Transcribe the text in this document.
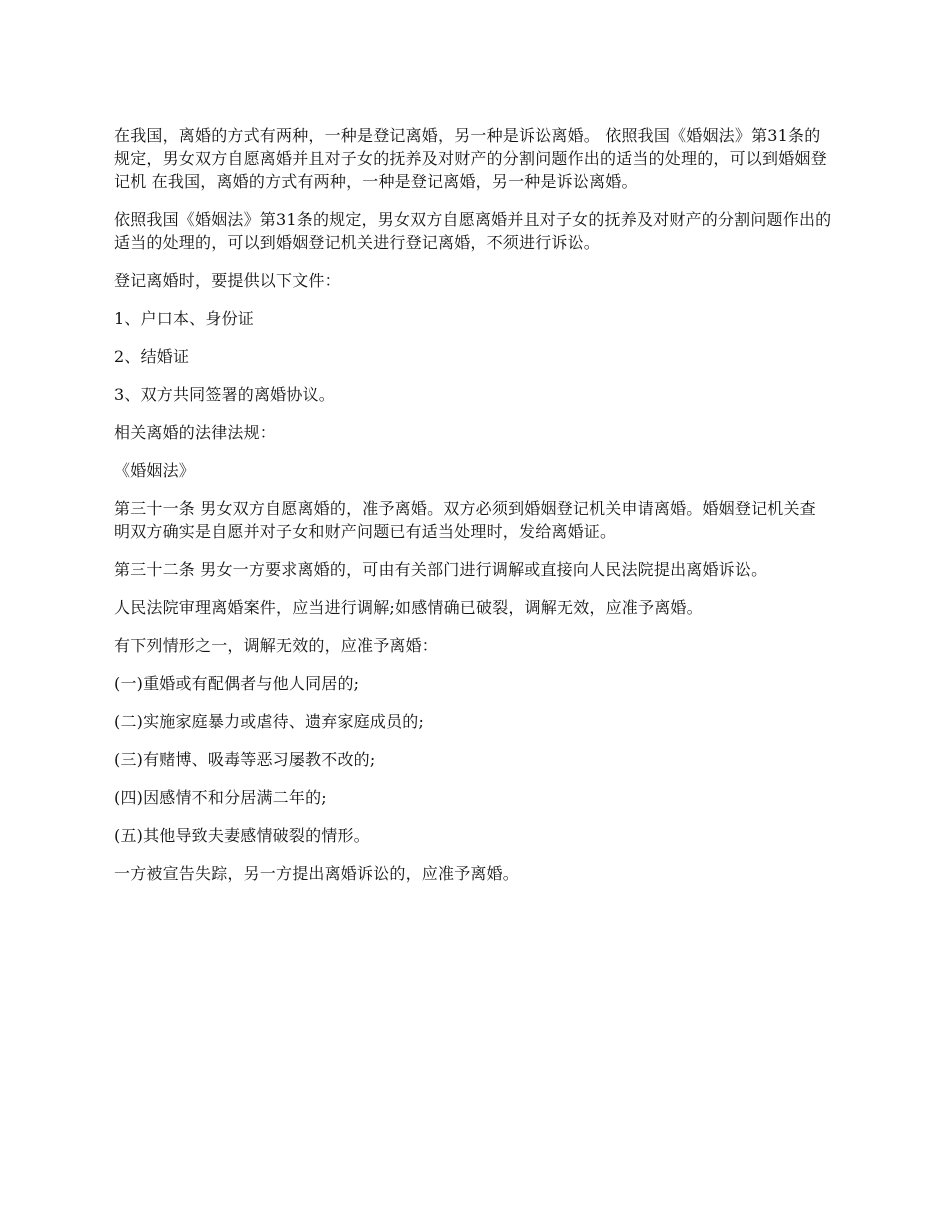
在我国，离婚的方式有两种，一种是登记离婚，另一种是诉讼离婚。 依照我国《婚姻法》第31条的规定，男女双方自愿离婚并且对子女的抚养及对财产的分割问题作出的适当的处理的，可以到婚姻登记机 在我国，离婚的方式有两种，一种是登记离婚，另一种是诉讼离婚。

依照我国《婚姻法》第31条的规定，男女双方自愿离婚并且对子女的抚养及对财产的分割问题作出的适当的处理的，可以到婚姻登记机关进行登记离婚，不须进行诉讼。

登记离婚时，要提供以下文件：

1、户口本、身份证

2、结婚证

3、双方共同签署的离婚协议。

相关离婚的法律法规：

《婚姻法》

第三十一条 男女双方自愿离婚的，准予离婚。双方必须到婚姻登记机关申请离婚。婚姻登记机关查明双方确实是自愿并对子女和财产问题已有适当处理时，发给离婚证。

第三十二条 男女一方要求离婚的，可由有关部门进行调解或直接向人民法院提出离婚诉讼。

人民法院审理离婚案件，应当进行调解;如感情确已破裂，调解无效，应准予离婚。

有下列情形之一，调解无效的，应准予离婚：

(一)重婚或有配偶者与他人同居的;

(二)实施家庭暴力或虐待、遗弃家庭成员的;

(三)有赌博、吸毒等恶习屡教不改的;

(四)因感情不和分居满二年的;

(五)其他导致夫妻感情破裂的情形。

一方被宣告失踪，另一方提出离婚诉讼的，应准予离婚。
